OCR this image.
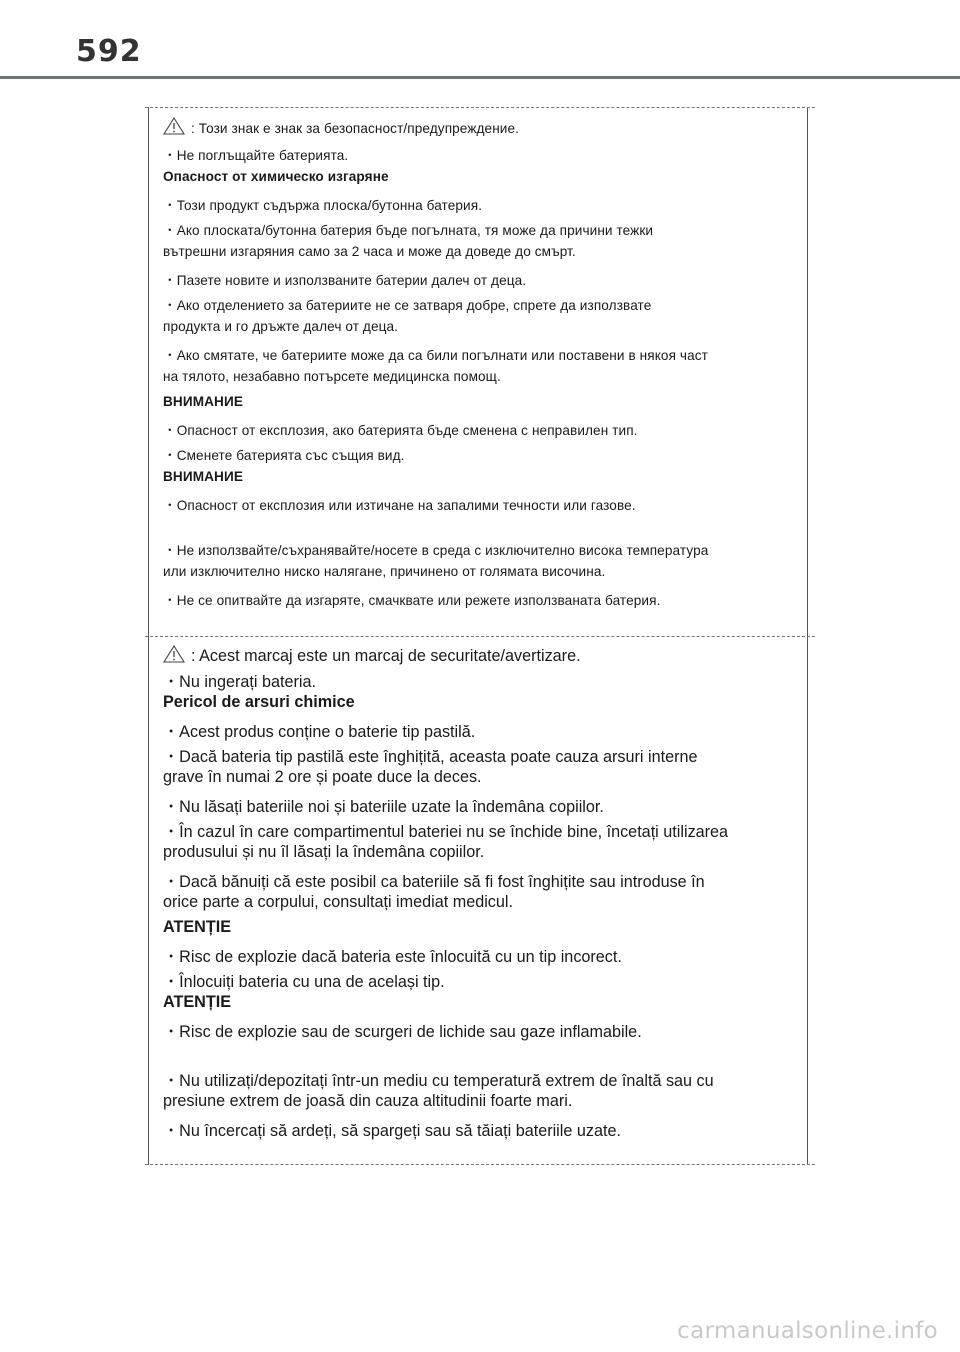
592
: Този знак е знак за безопасност/предупреждение.
・Не поглъщайте батерията.
Опасност от химическо изгаряне
・Този продукт съдържа плоска/бутонна батерия.
・Ако плоската/бутонна батерия бъде погълната, тя може да причини тежки
вътрешни изгаряния само за 2 часа и може да доведе до смърт.
・Пазете новите и използваните батерии далеч от деца.
・Ако отделението за батериите не се затваря добре, спрете да използвате
продукта и го дръжте далеч от деца.
・Ако смятате, че батериите може да са били погълнати или поставени в някоя част
на тялото, незабавно потърсете медицинска помощ.
ВНИМАНИЕ
・Опасност от експлозия, ако батерията бъде сменена с неправилен тип.
・Сменете батерията със същия вид.
ВНИМАНИЕ
・Опасност от експлозия или изтичане на запалими течности или газове.
・Не използвайте/съхранявайте/носете в среда с изключително висока температура
или изключително ниско налягане, причинено от голямата височина.
・Не се опитвайте да изгаряте, смачквате или режете използваната батерия.
: Acest marcaj este un marcaj de securitate/avertizare.
・Nu ingerați bateria.
Pericol de arsuri chimice
・Acest produs conține o baterie tip pastilă.
・Dacă bateria tip pastilă este înghițită, aceasta poate cauza arsuri interne
grave în numai 2 ore și poate duce la deces.
・Nu lăsați bateriile noi și bateriile uzate la îndemâna copiilor.
・În cazul în care compartimentul bateriei nu se închide bine, încetați utilizarea
produsului și nu îl lăsați la îndemâna copiilor.
・Dacă bănuiți că este posibil ca bateriile să fi fost înghițite sau introduse în
orice parte a corpului, consultați imediat medicul.
ATENȚIE
・Risc de explozie dacă bateria este înlocuită cu un tip incorect.
・Înlocuiți bateria cu una de același tip.
ATENȚIE
・Risc de explozie sau de scurgeri de lichide sau gaze inflamabile.
・Nu utilizați/depozitați într-un mediu cu temperatură extrem de înaltă sau cu
presiune extrem de joasă din cauza altitudinii foarte mari.
・Nu încercați să ardeți, să spargeți sau să tăiați bateriile uzate.
carmanualsonline.info
